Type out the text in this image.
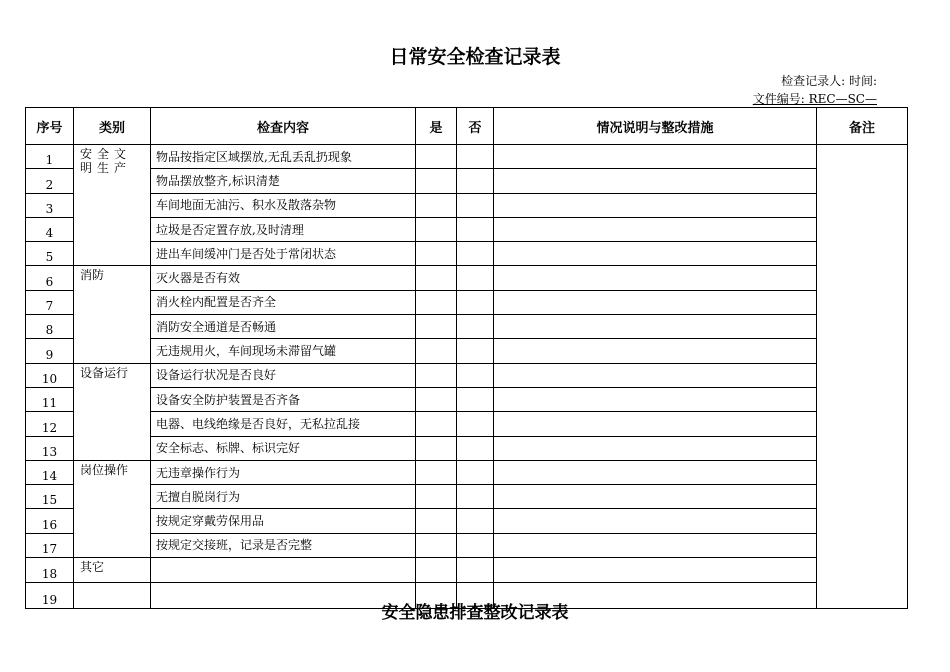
日常安全检查记录表
检查记录人: 时间:
文件编号: REC—SC—
序号	类别	检查内容	是	否	情况说明与整改措施	备注
1	安全文明生产	物品按指定区域摆放,无乱丢乱扔现象				
2		物品摆放整齐,标识清楚				
3		车间地面无油污、积水及散落杂物				
4		垃圾是否定置存放,及时清理				
5		进出车间缓冲门是否处于常闭状态				
6	消防	灭火器是否有效				
7		消火栓内配置是否齐全				
8		消防安全通道是否畅通				
9		无违规用火，车间现场未滞留气罐				
10	设备运行	设备运行状况是否良好				
11		设备安全防护装置是否齐备				
12		电器、电线绝缘是否良好，无私拉乱接				
13		安全标志、标牌、标识完好				
14	岗位操作	无违章操作行为				
15		无擅自脱岗行为				
16		按规定穿戴劳保用品				
17		按规定交接班，记录是否完整				
18	其它					
19						
安全隐患排查整改记录表
